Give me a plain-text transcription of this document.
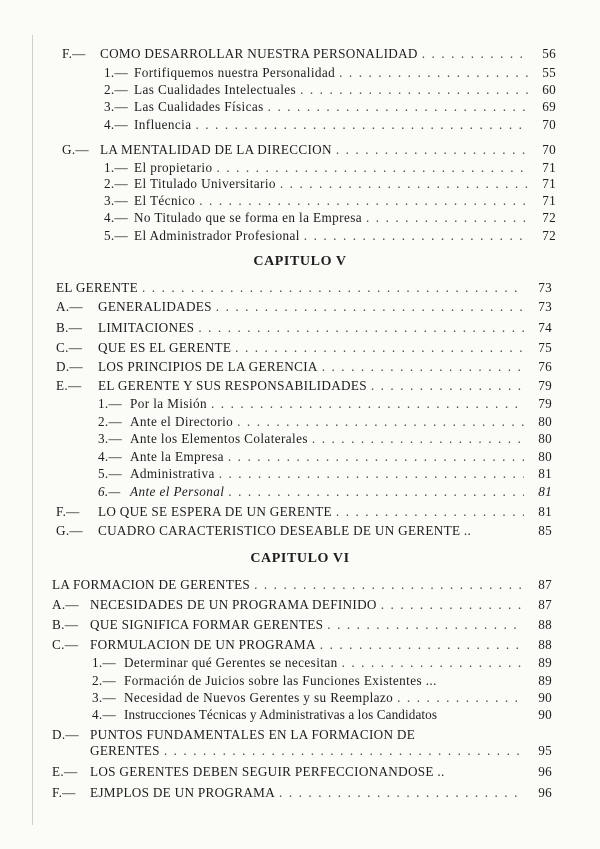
F.—	COMO DESARROLLAR NUESTRA PERSONALIDAD . . .	56
1.— Fortifiquemos nuestra Personalidad . . .	55
2.— Las Cualidades Intelectuales . . .	60
3.— Las Cualidades Físicas . . .	69
4.— Influencia . . .	70
G.— LA MENTALIDAD DE LA DIRECCION . . .	70
1.— El propietario . . .	71
2.— El Titulado Universitario . . .	71
3.— El Técnico . . .	71
4.— No Titulado que se forma en la Empresa . . .	72
5.— El Administrador Profesional . . .	72
CAPITULO V
EL GERENTE . . .	73
A.—	GENERALIDADES . . .	73
B.—	LIMITACIONES . . .	74
C.—	QUE ES EL GERENTE . . .	75
D.—	LOS PRINCIPIOS DE LA GERENCIA . . .	76
E.—	EL GERENTE Y SUS RESPONSABILIDADES . . .	79
1.— Por la Misión . . .	79
2.— Ante el Directorio . . .	80
3.— Ante los Elementos Colaterales . . .	80
4.— Ante la Empresa . . .	80
5.— Administrativa . . .	81
6.— Ante el Personal . . .	81
F.—	LO QUE SE ESPERA DE UN GERENTE . . .	81
G.—	CUADRO CARACTERISTICO DESEABLE DE UN GERENTE ..	85
CAPITULO VI
LA FORMACION DE GERENTES . . .	87
A.— NECESIDADES DE UN PROGRAMA DEFINIDO . . .	87
B.— QUE SIGNIFICA FORMAR GERENTES . . .	88
C.— FORMULACION DE UN PROGRAMA . . .	88
1.— Determinar qué Gerentes se necesitan . . .	89
2.— Formación de Juicios sobre las Funciones Existentes ...	89
3.— Necesidad de Nuevos Gerentes y su Reemplazo . . .	90
4.— Instrucciones Técnicas y Administrativas a los Candidatos	90
D.— PUNTOS FUNDAMENTALES EN LA FORMACION DE
GERENTES . . .	95
E.— LOS GERENTES DEBEN SEGUIR PERFECCIONANDOSE ..	96
F.—	EJMPLOS DE UN PROGRAMA . . .	96
